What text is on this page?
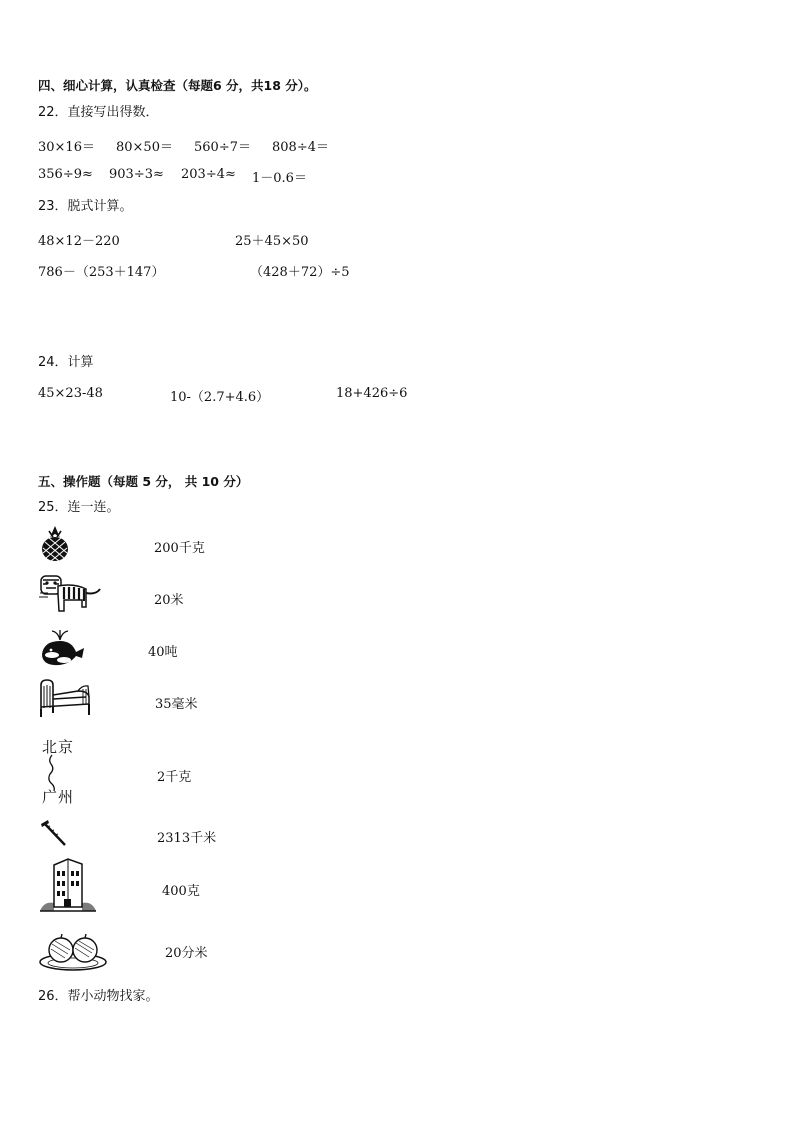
四、细心计算，认真检查（每题6 分，共18 分）。
22．直接写出得数．
30×16＝ 80×50＝ 560÷7＝ 808÷4＝
356÷9≈ 903÷3≈ 203÷4≈ 1－0.6＝
23．脱式计算。
48×12－220	25＋45×50
786－（253＋147）	（428＋72）÷5
24．计算
45×23-48	10-（2.7+4.6）	18+426÷6
五、操作题（每题 5 分， 共 10 分）
25．连一连。
北京
广州
200千克
20米
40吨
35毫米
2千克
2313千米
400克
20分米
26．帮小动物找家。
